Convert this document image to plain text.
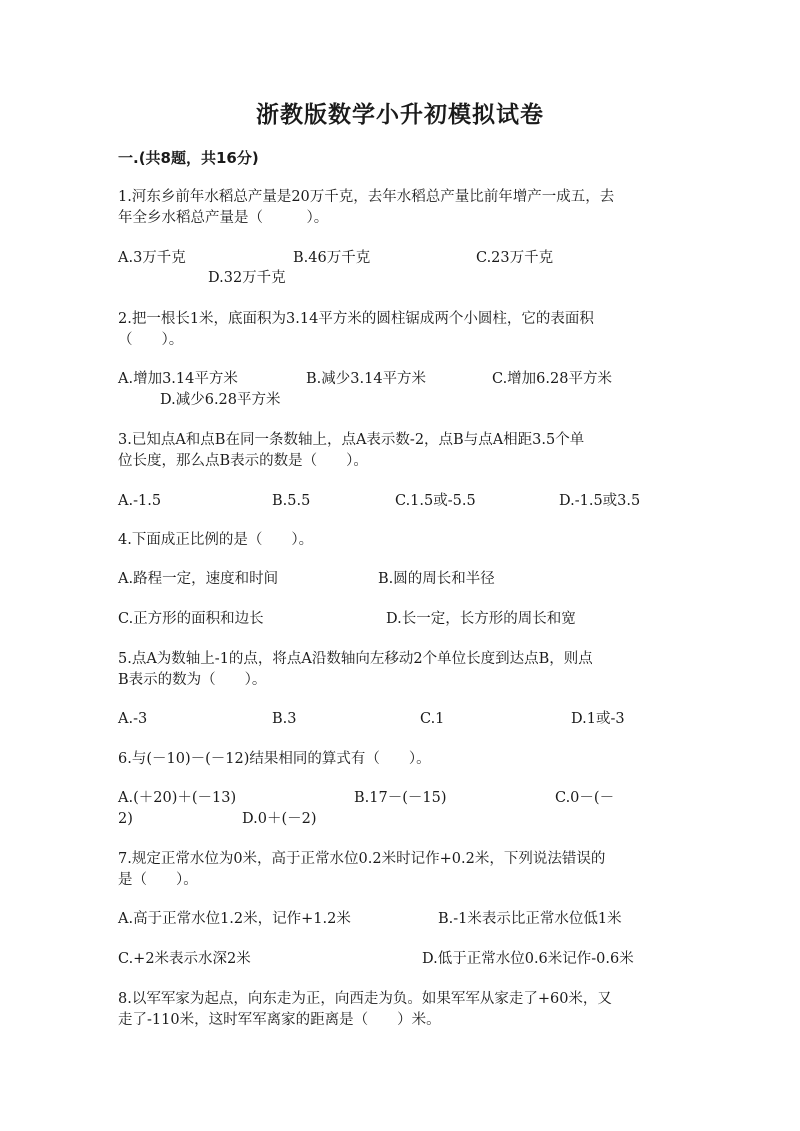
浙教版数学小升初模拟试卷
一.(共8题，共16分)
1.河东乡前年水稻总产量是20万千克，去年水稻总产量比前年增产一成五，去
年全乡水稻总产量是（　　　）。
A.3万千克	B.46万千克	C.23万千克
D.32万千克
2.把一根长1米，底面积为3.14平方米的圆柱锯成两个小圆柱，它的表面积
（　　）。
A.增加3.14平方米	B.减少3.14平方米	C.增加6.28平方米
D.减少6.28平方米
3.已知点A和点B在同一条数轴上，点A表示数-2，点B与点A相距3.5个单
位长度，那么点B表示的数是（　　）。
A.-1.5	B.5.5	C.1.5或-5.5	D.-1.5或3.5
4.下面成正比例的是（　　）。
A.路程一定，速度和时间	B.圆的周长和半径
C.正方形的面积和边长	D.长一定，长方形的周长和宽
5.点A为数轴上-1的点，将点A沿数轴向左移动2个单位长度到达点B，则点
B表示的数为（　　）。
A.-3	B.3	C.1	D.1或-3
6.与(－10)－(－12)结果相同的算式有（　　）。
A.(＋20)＋(－13)	B.17－(－15)	C.0－(－
2)	D.0＋(－2)
7.规定正常水位为0米，高于正常水位0.2米时记作+0.2米，下列说法错误的
是（　　）。
A.高于正常水位1.2米，记作+1.2米	B.-1米表示比正常水位低1米
C.+2米表示水深2米	D.低于正常水位0.6米记作-0.6米
8.以军军家为起点，向东走为正，向西走为负。如果军军从家走了+60米，又
走了-110米，这时军军离家的距离是（　　）米。
